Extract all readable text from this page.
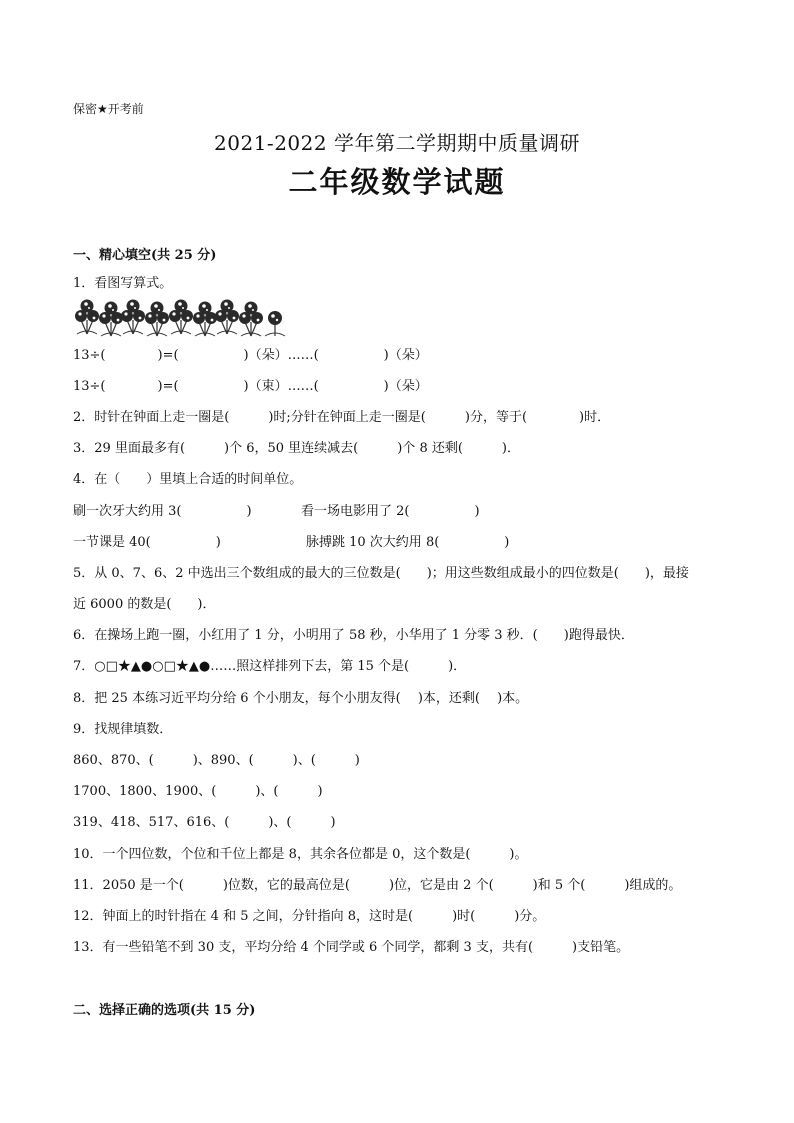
保密★开考前
2021-2022 学年第二学期期中质量调研
二年级数学试题
一、精心填空(共 25 分)
1．看图写算式。
13÷(　　　　)=(　　　　　)（朵）……(　　　　　)（朵）
13÷(　　　　)=(　　　　　)（束）……(　　　　　)（朵）
2．时针在钟面上走一圈是(　　　)时;分针在钟面上走一圈是(　　　)分，等于(　　　　)时．
3．29 里面最多有(　　　)个 6，50 里连续减去(　　　)个 8 还剩(　　　)．
4．在（　　）里填上合适的时间单位。
刷一次牙大约用 3(　　　　　)	看一场电影用了 2(　　　　　)
一节课是 40(　　　　　)	脉搏跳 10 次大约用 8(　　　　　)
5．从 0、7、6、2 中选出三个数组成的最大的三位数是(　　)；用这些数组成最小的四位数是(　　)，最接
近 6000 的数是(　　)．
6．在操场上跑一圈，小红用了 1 分，小明用了 58 秒，小华用了 1 分零 3 秒．(　　)跑得最快．
7．○□★▲●○□★▲●……照这样排列下去，第 15 个是(　　　)．
8．把 25 本练习近平均分给 6 个小朋友，每个小朋友得(　 )本，还剩(　 )本。
9．找规律填数．
860、870、(　　　)、890、(　　　)、(　　　)
1700、1800、1900、(　　　)、(　　　)
319、418、517、616、(　　　)、(　　　)
10．一个四位数，个位和千位上都是 8，其余各位都是 0，这个数是(　　　)。
11．2050 是一个(　　　)位数，它的最高位是(　　　)位，它是由 2 个(　　　)和 5 个(　　　)组成的。
12．钟面上的时针指在 4 和 5 之间，分针指向 8，这时是(　　　)时(　　　)分。
13．有一些铅笔不到 30 支，平均分给 4 个同学或 6 个同学，都剩 3 支，共有(　　　)支铅笔。
二、选择正确的选项(共 15 分)
